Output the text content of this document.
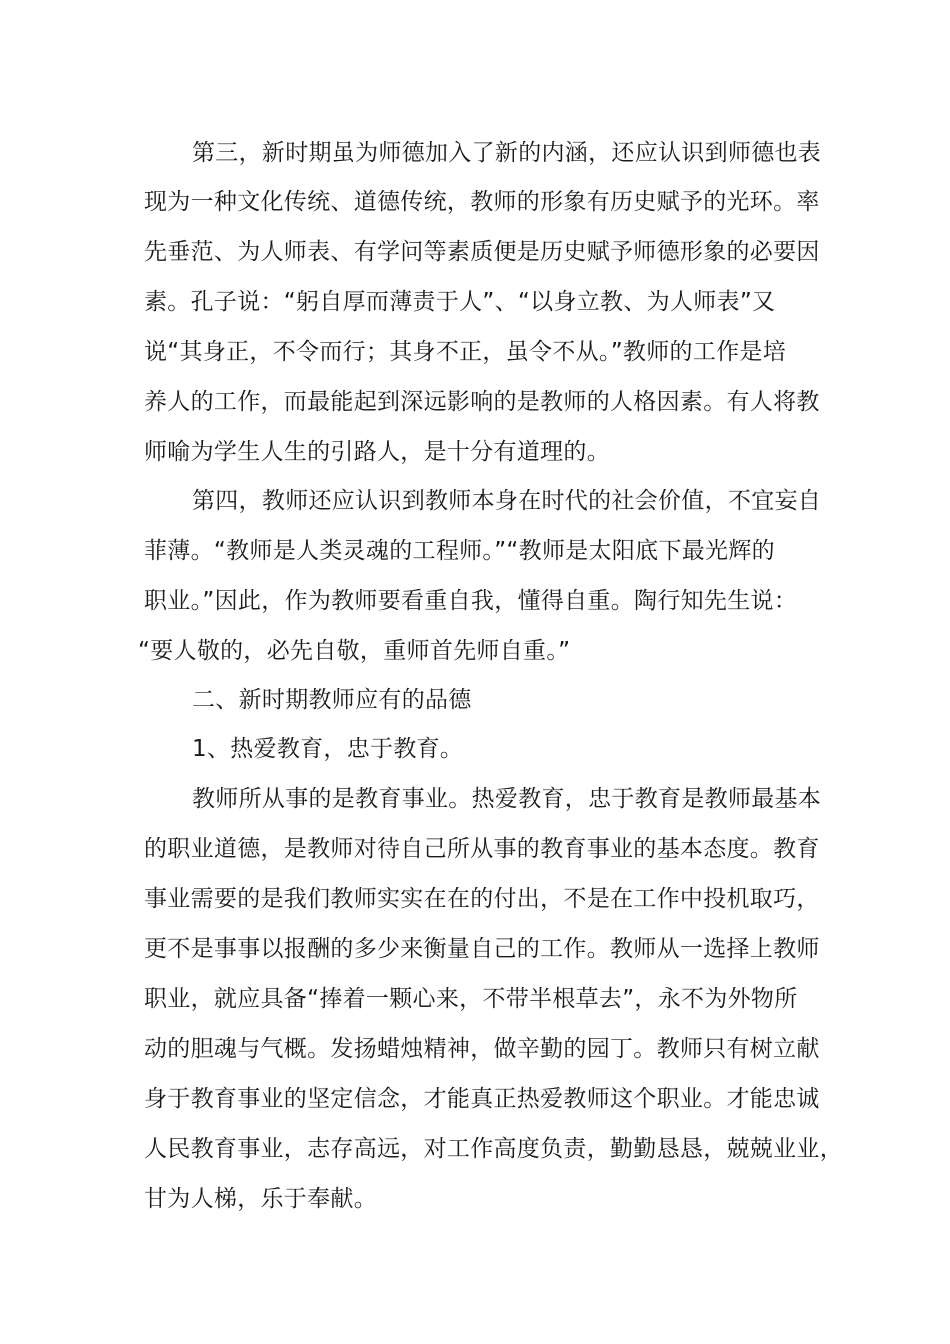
第三，新时期虽为师德加入了新的内涵，还应认识到师德也表
现为一种文化传统、道德传统，教师的形象有历史赋予的光环。率
先垂范、为人师表、有学问等素质便是历史赋予师德形象的必要因
素。孔子说：“躬自厚而薄责于人”、“以身立教、为人师表”又
说“其身正，不令而行；其身不正，虽令不从。”教师的工作是培
养人的工作，而最能起到深远影响的是教师的人格因素。有人将教
师喻为学生人生的引路人，是十分有道理的。
第四，教师还应认识到教师本身在时代的社会价值，不宜妄自
菲薄。“教师是人类灵魂的工程师。”“教师是太阳底下最光辉的
职业。”因此，作为教师要看重自我，懂得自重。陶行知先生说：
“要人敬的，必先自敬，重师首先师自重。”
二、新时期教师应有的品德
1、热爱教育，忠于教育。
教师所从事的是教育事业。热爱教育，忠于教育是教师最基本
的职业道德，是教师对待自己所从事的教育事业的基本态度。教育
事业需要的是我们教师实实在在的付出，不是在工作中投机取巧，
更不是事事以报酬的多少来衡量自己的工作。教师从一选择上教师
职业，就应具备“捧着一颗心来，不带半根草去”，永不为外物所
动的胆魂与气概。发扬蜡烛精神，做辛勤的园丁。教师只有树立献
身于教育事业的坚定信念，才能真正热爱教师这个职业。才能忠诚
人民教育事业，志存高远，对工作高度负责，勤勤恳恳，兢兢业业，
甘为人梯，乐于奉献。
